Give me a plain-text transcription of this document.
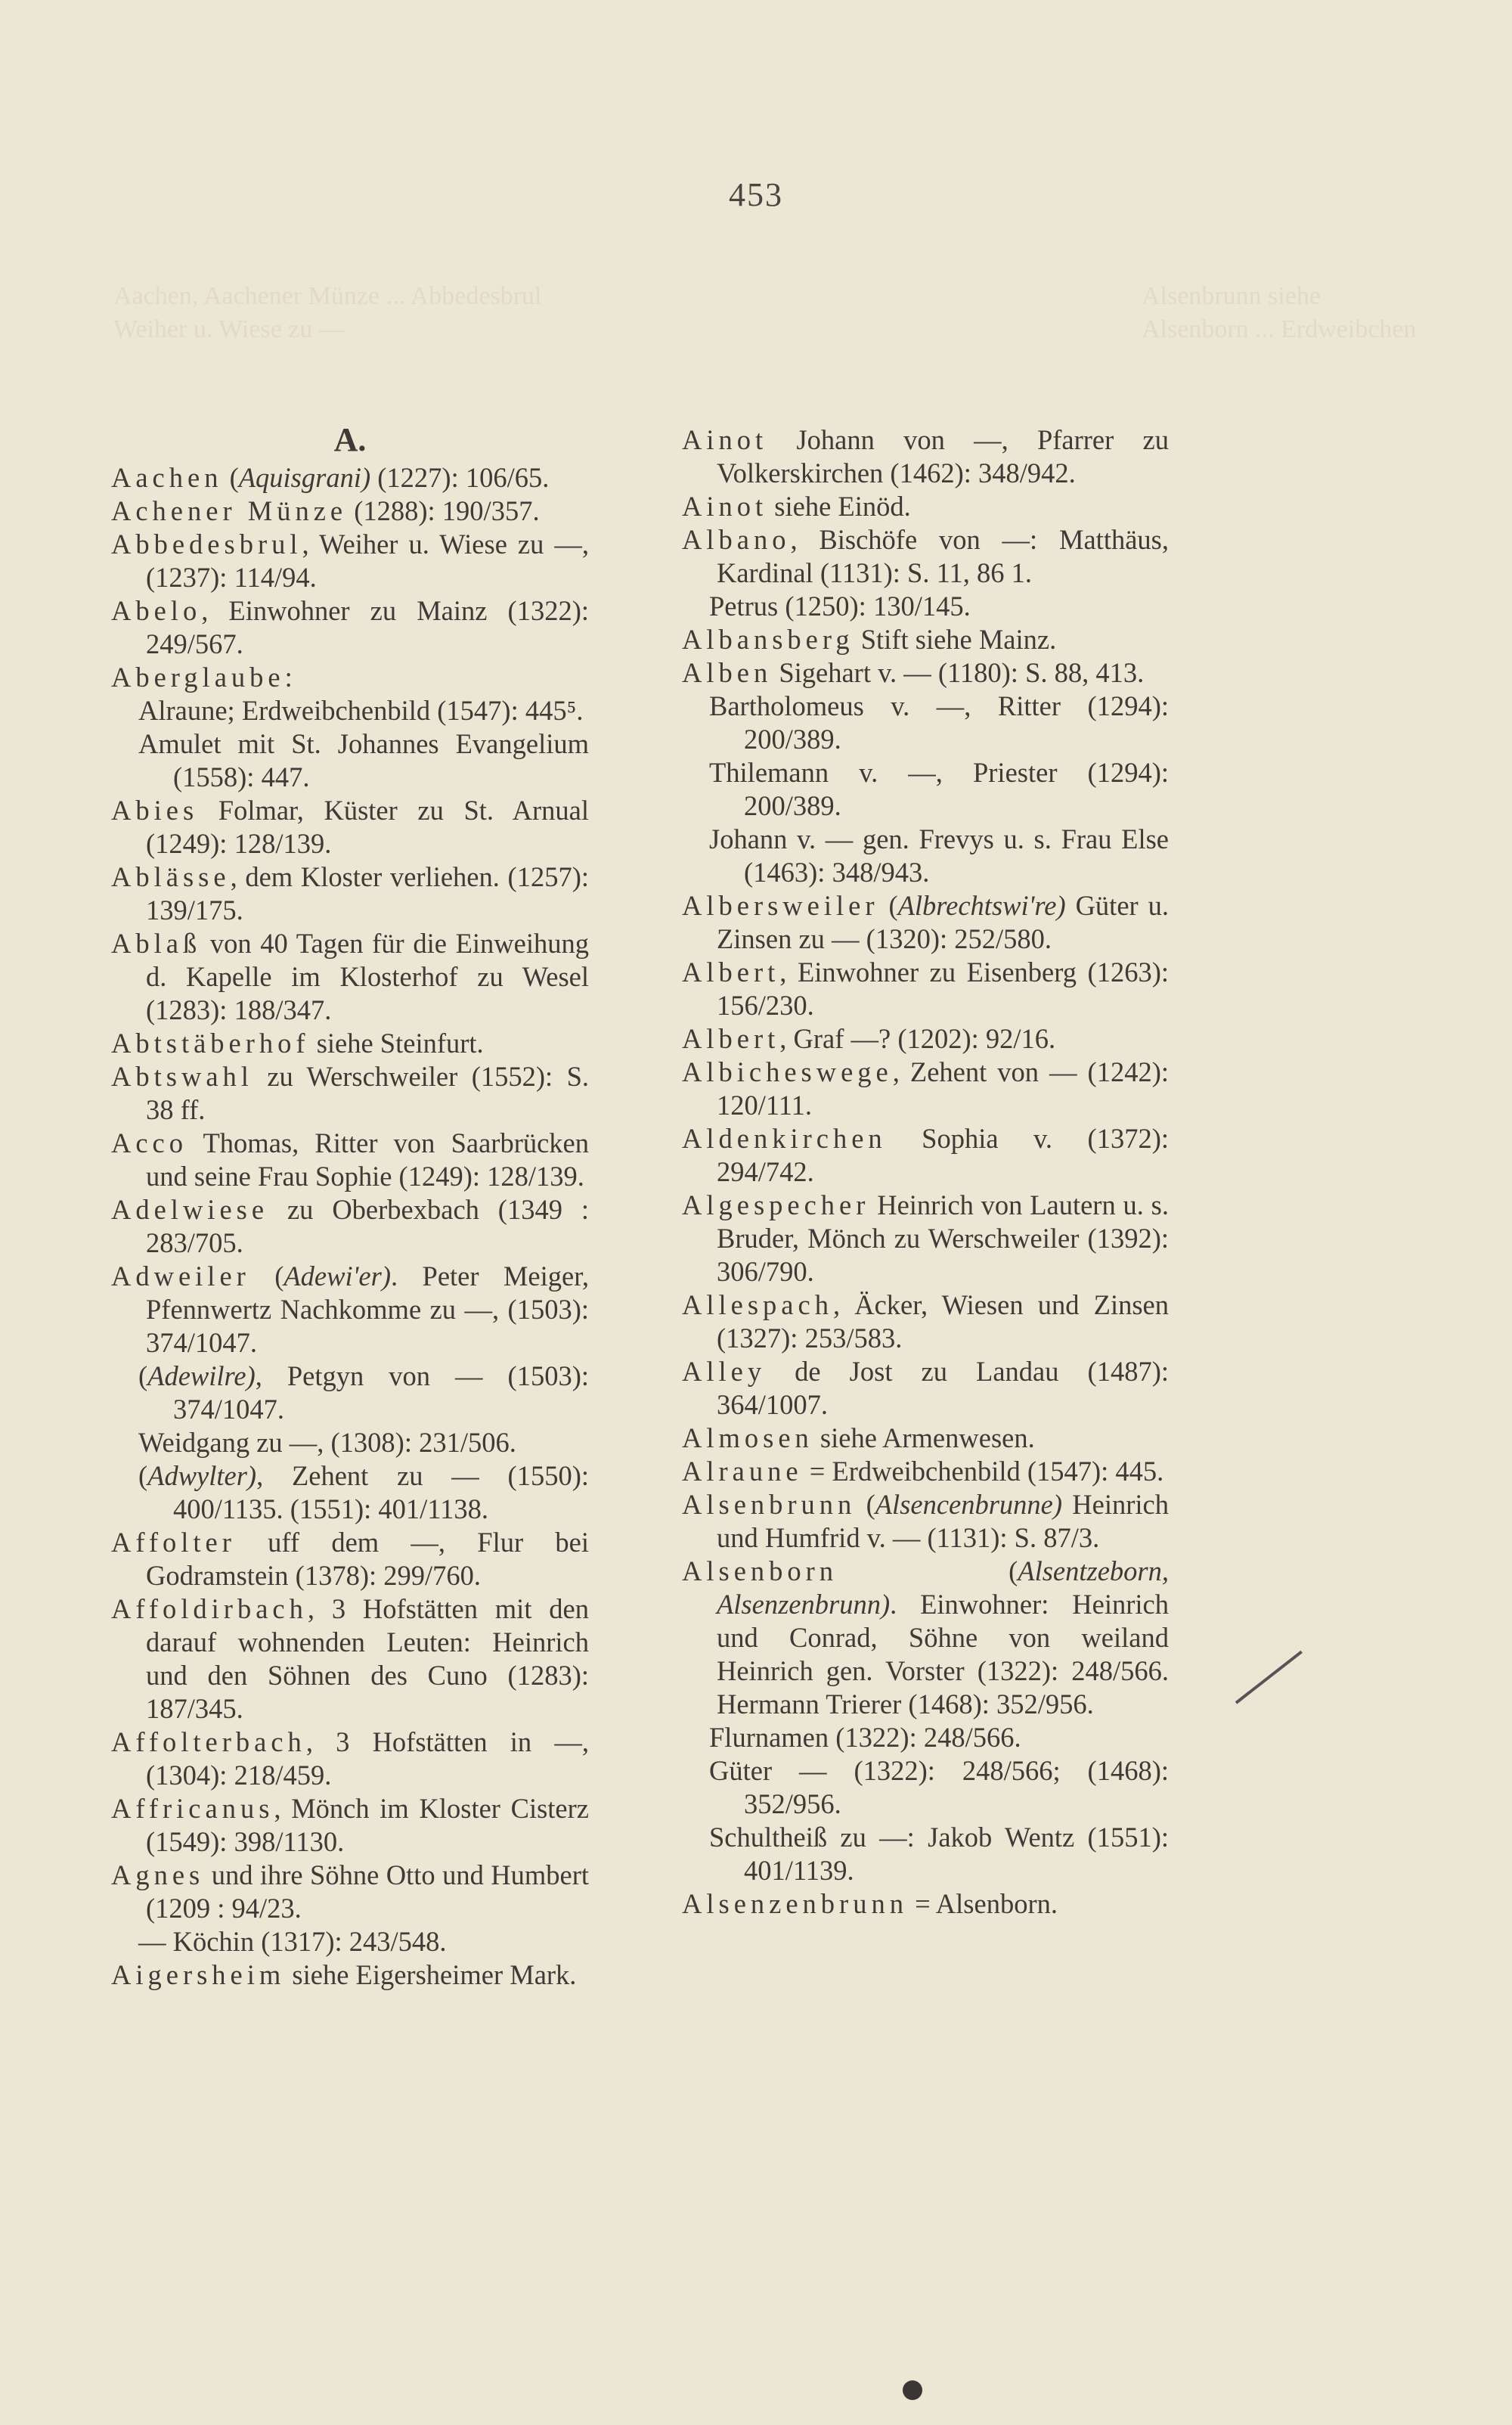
453
Aachen, Aachener Münze ... Abbedesbrul
Weiher u. Wiese zu —
Alsenbrunn siehe
Alsenborn ... Erdweibchen
A.

Aachen (Aquisgrani) (1227): 106/65.

Achener Münze (1288): 190/357.

Abbedesbrul, Weiher u. Wiese zu —, (1237): 114/94.

Abelo, Einwohner zu Mainz (1322): 249/567.

Aberglaube:

Alraune; Erdweibchenbild (1547): 445⁵.

Amulet mit St. Johannes Evangelium (1558): 447.

Abies Folmar, Küster zu St. Arnual (1249): 128/139.

Ablässe, dem Kloster verliehen. (1257): 139/175.

Ablaß von 40 Tagen für die Einweihung d. Kapelle im Klosterhof zu Wesel (1283): 188/347.

Abtstäberhof siehe Steinfurt.

Abtswahl zu Werschweiler (1552): S. 38 ff.

Acco Thomas, Ritter von Saarbrücken und seine Frau Sophie (1249): 128/139.

Adelwiese zu Oberbexbach (1349 : 283/705.

Adweiler (Adewi'er). Peter Meiger, Pfennwertz Nachkomme zu —, (1503): 374/1047.

(Adewilre), Petgyn von — (1503): 374/1047.

Weidgang zu —, (1308): 231/506.

(Adwylter), Zehent zu — (1550): 400/1135. (1551): 401/1138.

Affolter uff dem —, Flur bei Godramstein (1378): 299/760.

Affoldirbach, 3 Hofstätten mit den darauf wohnenden Leuten: Heinrich und den Söhnen des Cuno (1283): 187/345.

Affolterbach, 3 Hofstätten in —, (1304): 218/459.

Affricanus, Mönch im Kloster Cisterz (1549): 398/1130.

Agnes und ihre Söhne Otto und Humbert (1209 : 94/23.

— Köchin (1317): 243/548.

Aigersheim siehe Eigersheimer Mark.

Ainot Johann von —, Pfarrer zu Volkerskirchen (1462): 348/942.

Ainot siehe Einöd.

Albano, Bischöfe von —: Matthäus, Kardinal (1131): S. 11, 86 1.

Petrus (1250): 130/145.

Albansberg Stift siehe Mainz.

Alben Sigehart v. — (1180): S. 88, 413.

Bartholomeus v. —, Ritter (1294): 200/389.

Thilemann v. —, Priester (1294): 200/389.

Johann v. — gen. Frevys u. s. Frau Else (1463): 348/943.

Albersweiler (Albrechtswi're) Güter u. Zinsen zu — (1320): 252/580.

Albert, Einwohner zu Eisenberg (1263): 156/230.

Albert, Graf —? (1202): 92/16.

Albicheswege, Zehent von — (1242): 120/111.

Aldenkirchen Sophia v. (1372): 294/742.

Algespecher Heinrich von Lautern u. s. Bruder, Mönch zu Werschweiler (1392): 306/790.

Allespach, Äcker, Wiesen und Zinsen (1327): 253/583.

Alley de Jost zu Landau (1487): 364/1007.

Almosen siehe Armenwesen.

Alraune = Erdweibchenbild (1547): 445.

Alsenbrunn (Alsencenbrunne) Heinrich und Humfrid v. — (1131): S. 87/3.

Alsenborn (Alsentzeborn, Alsenzenbrunn). Einwohner: Heinrich und Conrad, Söhne von weiland Heinrich gen. Vorster (1322): 248/566. Hermann Trierer (1468): 352/956.

Flurnamen (1322): 248/566.

Güter — (1322): 248/566; (1468): 352/956.

Schultheiß zu —: Jakob Wentz (1551): 401/1139.

Alsenzenbrunn = Alsenborn.
